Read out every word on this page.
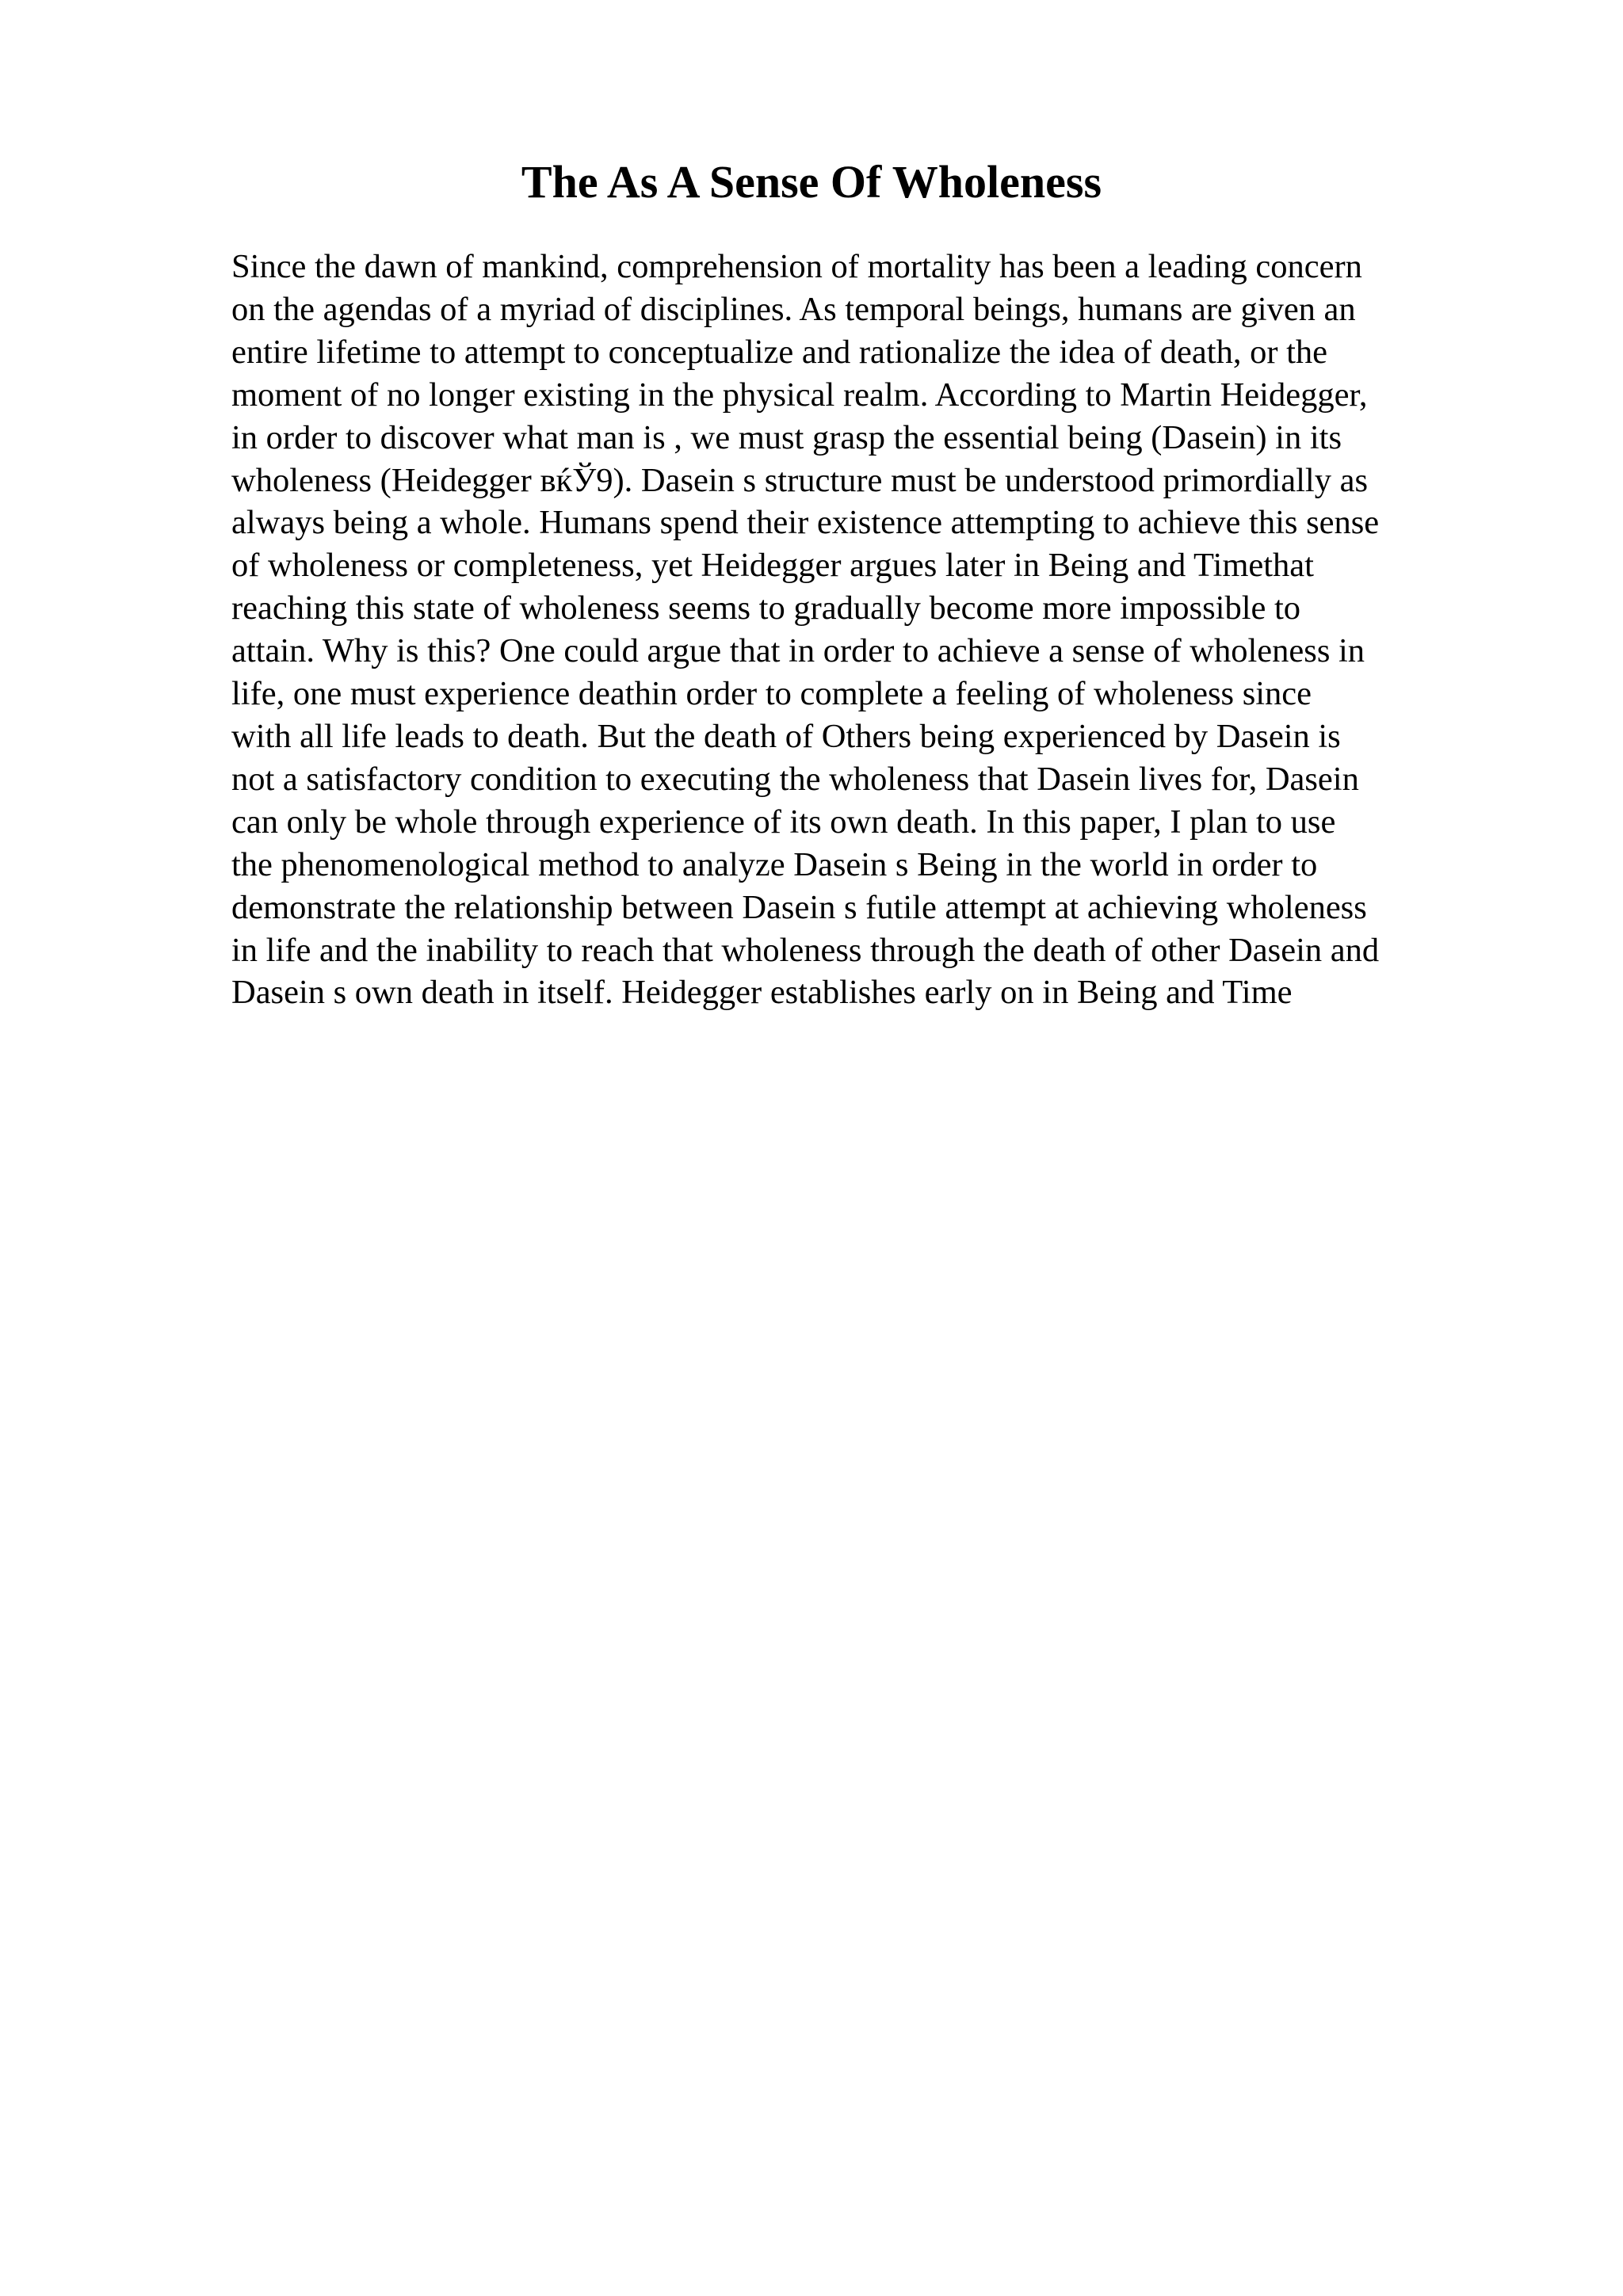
The As A Sense Of Wholeness
Since the dawn of mankind, comprehension of mortality has been a leading concern
on the agendas of a myriad of disciplines. As temporal beings, humans are given an
entire lifetime to attempt to conceptualize and rationalize the idea of death, or the
moment of no longer existing in the physical realm. According to Martin Heidegger,
in order to discover what man is , we must grasp the essential being (Dasein) in its
wholeness (Heidegger вќЎ9). Dasein s structure must be understood primordially as
always being a whole. Humans spend their existence attempting to achieve this sense
of wholeness or completeness, yet Heidegger argues later in Being and Timethat
reaching this state of wholeness seems to gradually become more impossible to
attain. Why is this? One could argue that in order to achieve a sense of wholeness in
life, one must experience deathin order to complete a feeling of wholeness since
with all life leads to death. But the death of Others being experienced by Dasein is
not a satisfactory condition to executing the wholeness that Dasein lives for, Dasein
can only be whole through experience of its own death. In this paper, I plan to use
the phenomenological method to analyze Dasein s Being in the world in order to
demonstrate the relationship between Dasein s futile attempt at achieving wholeness
in life and the inability to reach that wholeness through the death of other Dasein and
Dasein s own death in itself. Heidegger establishes early on in Being and Time
